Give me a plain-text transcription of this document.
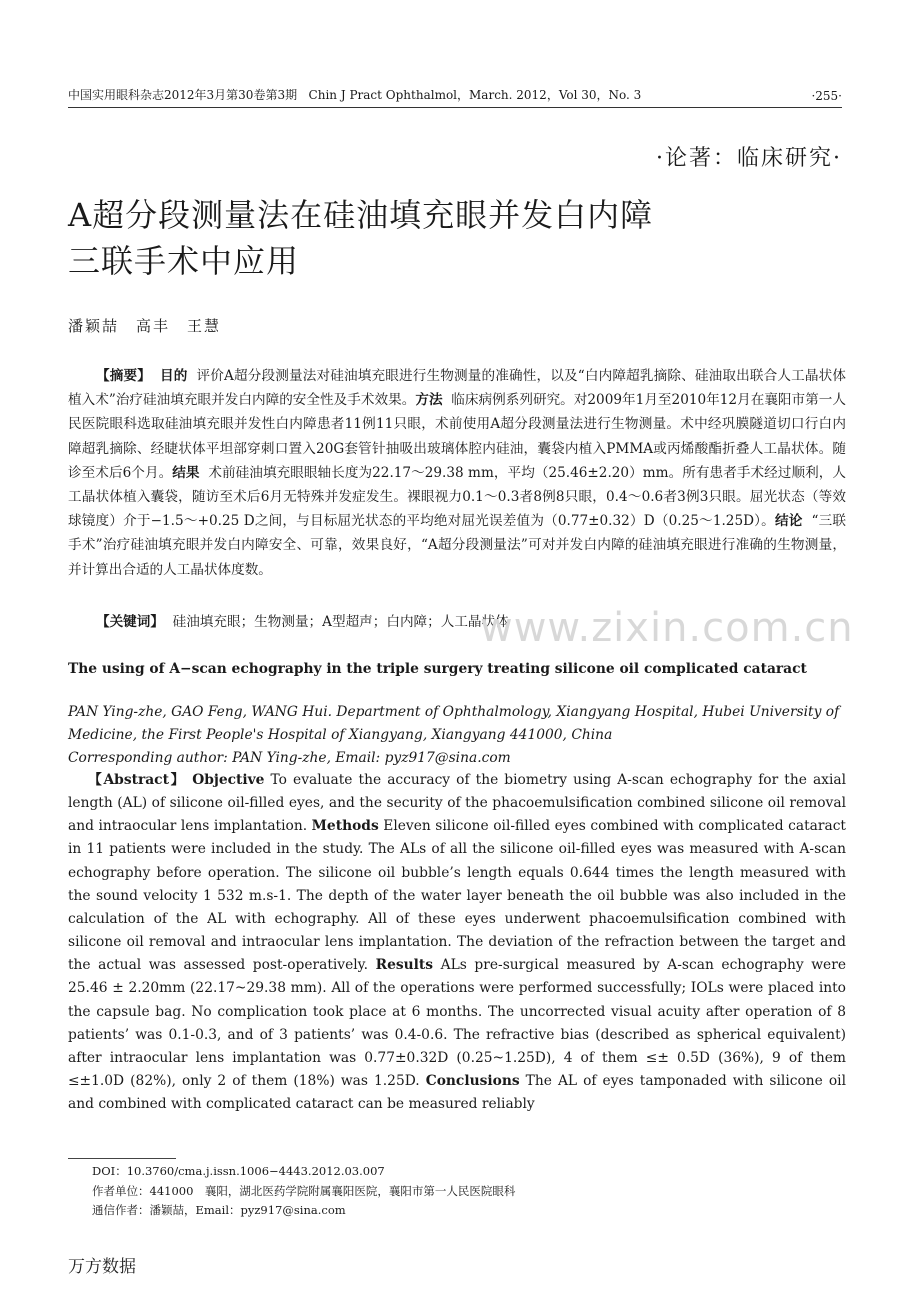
中国实用眼科杂志2012年3月第30卷第3期 Chin J Pract Ophthalmol，March. 2012，Vol 30，No. 3	·255·
·论著：临床研究·
A超分段测量法在硅油填充眼并发白内障
三联手术中应用
潘颖喆　高丰　王慧

【摘要】 目的 评价A超分段测量法对硅油填充眼进行生物测量的准确性，以及“白内障超乳摘除、硅油取出联合人工晶状体植入术”治疗硅油填充眼并发白内障的安全性及手术效果。方法 临床病例系列研究。对2009年1月至2010年12月在襄阳市第一人民医院眼科选取硅油填充眼并发性白内障患者11例11只眼，术前使用A超分段测量法进行生物测量。术中经巩膜隧道切口行白内障超乳摘除、经睫状体平坦部穿刺口置入20G套管针抽吸出玻璃体腔内硅油，囊袋内植入PMMA或丙烯酸酯折叠人工晶状体。随诊至术后6个月。结果 术前硅油填充眼眼轴长度为22.17～29.38 mm，平均（25.46±2.20）mm。所有患者手术经过顺利，人工晶状体植入囊袋，随访至术后6月无特殊并发症发生。裸眼视力0.1～0.3者8例8只眼，0.4～0.6者3例3只眼。屈光状态（等效球镜度）介于−1.5～+0.25 D之间，与目标屈光状态的平均绝对屈光误差值为（0.77±0.32）D（0.25～1.25D）。结论 “三联手术”治疗硅油填充眼并发白内障安全、可靠，效果良好，“A超分段测量法”可对并发白内障的硅油填充眼进行准确的生物测量，并计算出合适的人工晶状体度数。

【关键词】 硅油填充眼；生物测量；A型超声；白内障；人工晶状体
www.zixin.com.cn

The using of A−scan echography in the triple surgery treating silicone oil complicated cataract

PAN Ying-zhe, GAO Feng, WANG Hui. Department of Ophthalmology, Xiangyang Hospital, Hubei University of Medicine, the First People's Hospital of Xiangyang, Xiangyang 441000, China
Corresponding author: PAN Ying-zhe, Email: pyz917@sina.com

【Abstract】 Objective To evaluate the accuracy of the biometry using A-scan echography for the axial length (AL) of silicone oil-filled eyes, and the security of the phacoemulsification combined silicone oil removal and intraocular lens implantation. Methods Eleven silicone oil-filled eyes combined with complicated cataract in 11 patients were included in the study. The ALs of all the silicone oil-filled eyes was measured with A-scan echography before operation. The silicone oil bubble’s length equals 0.644 times the length measured with the sound velocity 1 532 m.s-1. The depth of the water layer beneath the oil bubble was also included in the calculation of the AL with echography. All of these eyes underwent phacoemulsification combined with silicone oil removal and intraocular lens implantation. The deviation of the refraction between the target and the actual was assessed post-operatively. Results ALs pre-surgical measured by A-scan echography were 25.46 ± 2.20mm (22.17~29.38 mm). All of the operations were performed successfully; IOLs were placed into the capsule bag. No complication took place at 6 months. The uncorrected visual acuity after operation of 8 patients’ was 0.1-0.3, and of 3 patients’ was 0.4-0.6. The refractive bias (described as spherical equivalent) after intraocular lens implantation was 0.77±0.32D (0.25~1.25D), 4 of them ≤± 0.5D (36%), 9 of them ≤±1.0D (82%), only 2 of them (18%) was 1.25D. Conclusions The AL of eyes tamponaded with silicone oil and combined with complicated cataract can be measured reliably

DOI：10.3760/cma.j.issn.1006−4443.2012.03.007
作者单位：441000　襄阳，湖北医药学院附属襄阳医院，襄阳市第一人民医院眼科
通信作者：潘颖喆，Email：pyz917@sina.com
万方数据
